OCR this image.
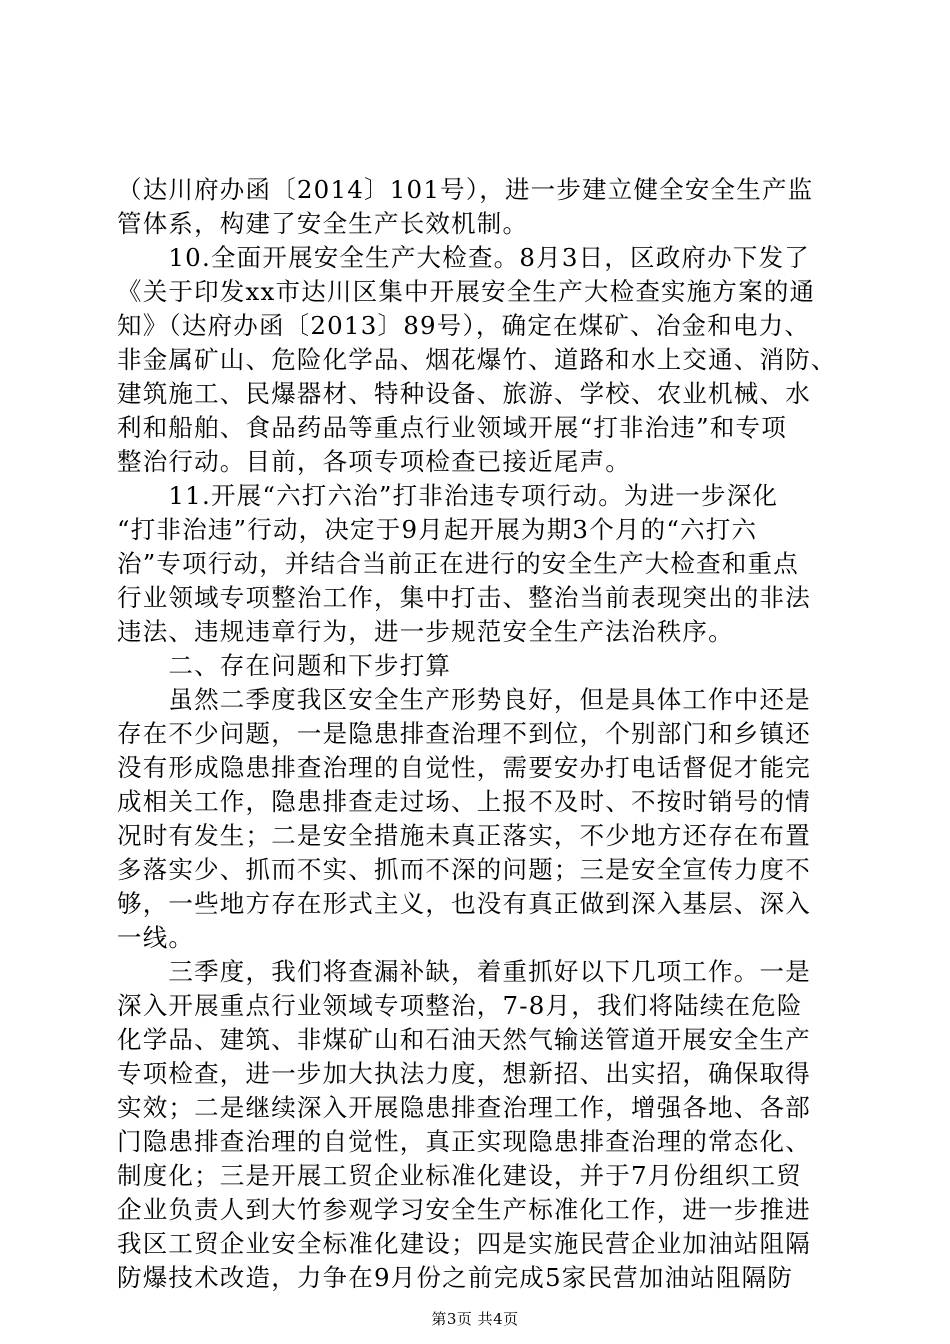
（达川府办函〔2014〕101号），进一步建立健全安全生产监
管体系，构建了安全生产长效机制。
　　10.全面开展安全生产大检查。8月3日，区政府办下发了
《关于印发xx市达川区集中开展安全生产大检查实施方案的通
知》（达府办函〔2013〕89号），确定在煤矿、冶金和电力、
非金属矿山、危险化学品、烟花爆竹、道路和水上交通、消防、
建筑施工、民爆器材、特种设备、旅游、学校、农业机械、水
利和船舶、食品药品等重点行业领域开展“打非治违”和专项
整治行动。目前，各项专项检查已接近尾声。
　　11.开展“六打六治”打非治违专项行动。为进一步深化
“打非治违”行动，决定于9月起开展为期3个月的“六打六
治”专项行动，并结合当前正在进行的安全生产大检查和重点
行业领域专项整治工作，集中打击、整治当前表现突出的非法
违法、违规违章行为，进一步规范安全生产法治秩序。
　　二、存在问题和下步打算
　　虽然二季度我区安全生产形势良好，但是具体工作中还是
存在不少问题，一是隐患排查治理不到位，个别部门和乡镇还
没有形成隐患排查治理的自觉性，需要安办打电话督促才能完
成相关工作，隐患排查走过场、上报不及时、不按时销号的情
况时有发生；二是安全措施未真正落实，不少地方还存在布置
多落实少、抓而不实、抓而不深的问题；三是安全宣传力度不
够，一些地方存在形式主义，也没有真正做到深入基层、深入
一线。
　　三季度，我们将查漏补缺，着重抓好以下几项工作。一是
深入开展重点行业领域专项整治，7-8月，我们将陆续在危险
化学品、建筑、非煤矿山和石油天然气输送管道开展安全生产
专项检查，进一步加大执法力度，想新招、出实招，确保取得
实效；二是继续深入开展隐患排查治理工作，增强各地、各部
门隐患排查治理的自觉性，真正实现隐患排查治理的常态化、
制度化；三是开展工贸企业标准化建设，并于7月份组织工贸
企业负责人到大竹参观学习安全生产标准化工作，进一步推进
第3页 共4页
我区工贸企业安全标准化建设；四是实施民营企业加油站阻隔
防爆技术改造，力争在9月份之前完成5家民营加油站阻隔防
